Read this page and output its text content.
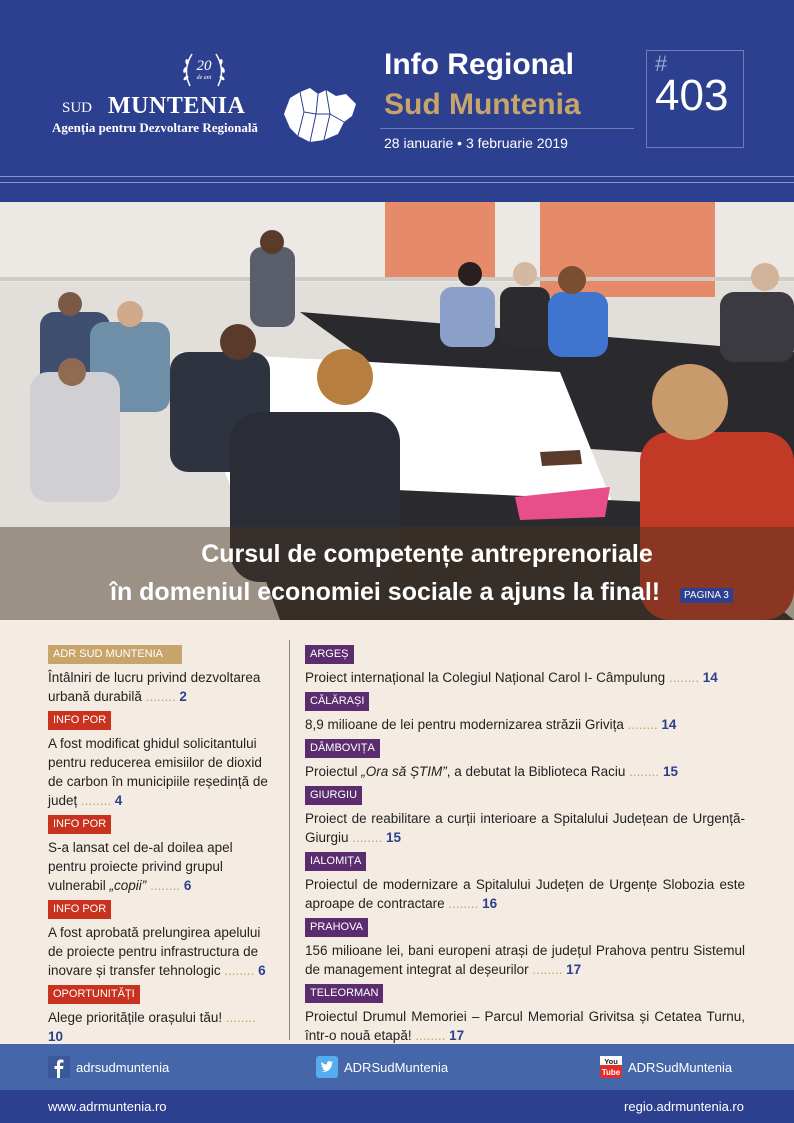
20
de ani
SUD MUNTENIA
Agenția pentru Dezvoltare Regională
Info Regional
Sud Muntenia
28 ianuarie • 3 februarie 2019
#
403
Cursul de competențe antreprenoriale
în domeniul economiei sociale a ajuns la final!	PAGINA 3
ADR SUD MUNTENIA
Întâlniri de lucru privind dezvoltarea urbană durabilă ........ 2
INFO POR
A fost modificat ghidul solicitantului pentru reducerea emisiilor de dioxid de carbon în municipiile reședință de județ ........ 4
INFO POR
S-a lansat cel de-al doilea apel pentru proiecte privind grupul vulnerabil „copii” ........ 6
INFO POR
A fost aprobată prelungirea apelului de proiecte pentru infrastructura de inovare și transfer tehnologic ........ 6
OPORTUNITĂȚI
Alege prioritățile orașului tău! ........ 10
ARGEȘ
Proiect internațional la Colegiul Național Carol I- Câmpulung ........ 14
CĂLĂRAȘI
8,9 milioane de lei pentru modernizarea străzii Grivița ........ 14
DÂMBOVIȚA
Proiectul „Ora să ȘTIM”, a debutat la Biblioteca Raciu ........ 15
GIURGIU
Proiect de reabilitare a curții interioare a Spitalului Județean de Urgență- Giurgiu ........ 15
IALOMIȚA
Proiectul de modernizare a Spitalului Județen de Urgențe Slobozia este aproape de contractare ........ 16
PRAHOVA
156 milioane lei, bani europeni atrași de județul Prahova pentru Sistemul de management integrat al deșeurilor ........ 17
TELEORMAN
Proiectul Drumul Memoriei – Parcul Memorial Grivitsa și Cetatea Turnu, într-o nouă etapă! ........ 17
adrsudmuntenia	ADRSudMuntenia	You
Tube ADRSudMuntenia
www.adrmuntenia.ro	regio.adrmuntenia.ro
